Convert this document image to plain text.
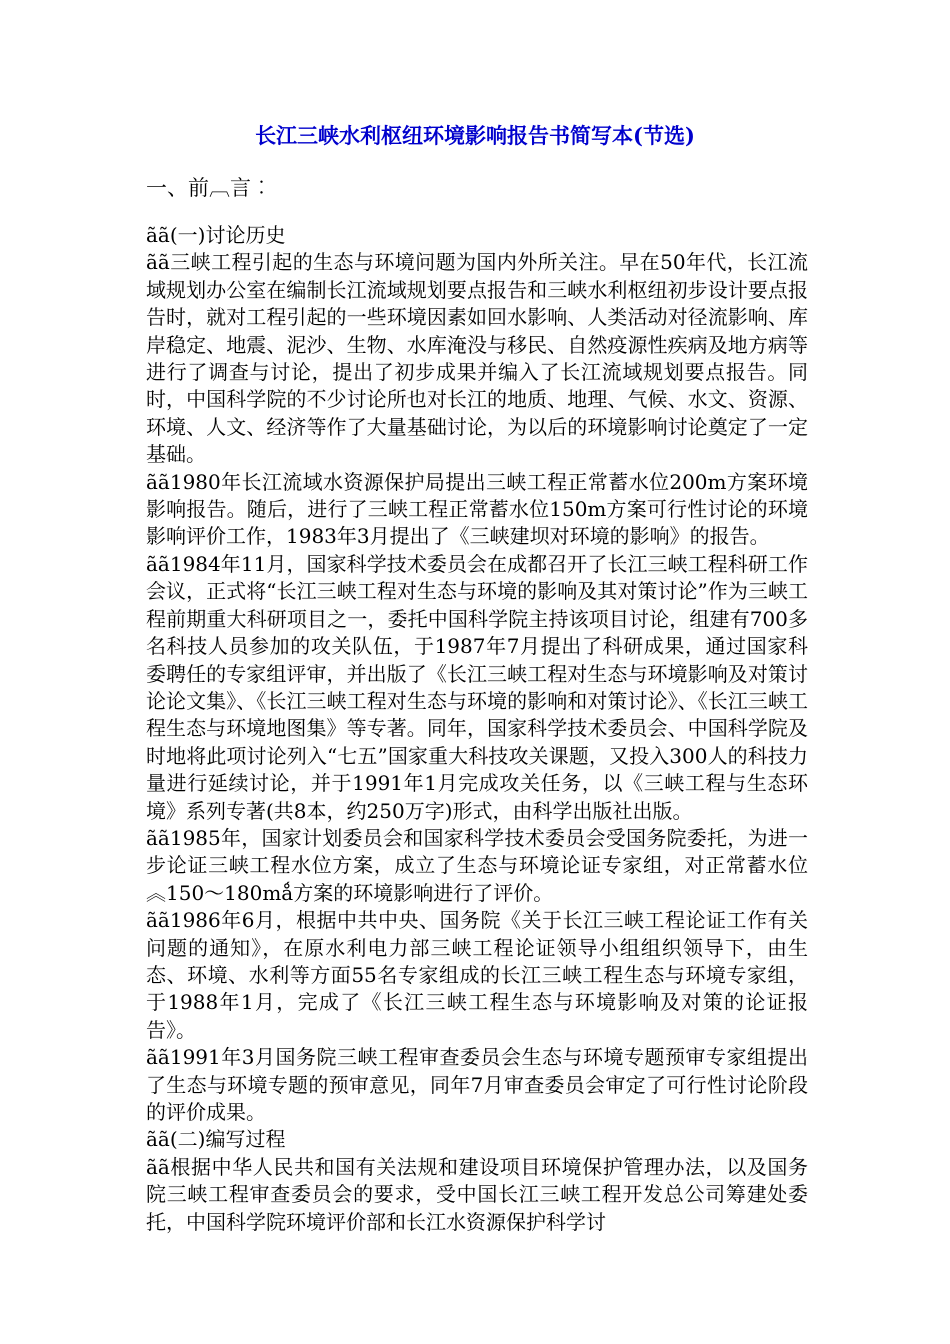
长江三峡水利枢纽环境影响报告书简写本(节选)
一、前︹言︰

ãã(一)讨论历史

ãã三峡工程引起的生态与环境问题为国内外所关注。早在50年代，长江流域规划办公室在编制长江流域规划要点报告和三峡水利枢纽初步设计要点报告时，就对工程引起的一些环境因素如回水影响、人类活动对径流影响、库岸稳定、地震、泥沙、生物、水库淹没与移民、自然疫源性疾病及地方病等进行了调查与讨论，提出了初步成果并编入了长江流域规划要点报告。同时，中国科学院的不少讨论所也对长江的地质、地理、气候、水文、资源、环境、人文、经济等作了大量基础讨论，为以后的环境影响讨论奠定了一定基础。

ãã1980年长江流域水资源保护局提出三峡工程正常蓄水位200m方案环境影响报告。随后，进行了三峡工程正常蓄水位150m方案可行性讨论的环境影响评价工作，1983年3月提出了《三峡建坝对环境的影响》的报告。

ãã1984年11月，国家科学技术委员会在成都召开了长江三峡工程科研工作会议，正式将“长江三峡工程对生态与环境的影响及其对策讨论”作为三峡工程前期重大科研项目之一，委托中国科学院主持该项目讨论，组建有700多名科技人员参加的攻关队伍，于1987年7月提出了科研成果，通过国家科委聘任的专家组评审，并出版了《长江三峡工程对生态与环境影响及对策讨论论文集》、《长江三峡工程对生态与环境的影响和对策讨论》、《长江三峡工程生态与环境地图集》等专著。同年，国家科学技术委员会、中国科学院及时地将此项讨论列入“七五”国家重大科技攻关课题，又投入300人的科技力量进行延续讨论，并于1991年1月完成攻关任务，以《三峡工程与生态环境》系列专著(共8本，约250万字)形式，由科学出版社出版。

ãã1985年，国家计划委员会和国家科学技术委员会受国务院委托，为进一步论证三峡工程水位方案，成立了生态与环境论证专家组，对正常蓄水位︽150～180mǻ方案的环境影响进行了评价。

ãã1986年6月，根据中共中央、国务院《关于长江三峡工程论证工作有关问题的通知》，在原水利电力部三峡工程论证领导小组组织领导下，由生态、环境、水利等方面55名专家组成的长江三峡工程生态与环境专家组，于1988年1月，完成了《长江三峡工程生态与环境影响及对策的论证报告》。

ãã1991年3月国务院三峡工程审查委员会生态与环境专题预审专家组提出了生态与环境专题的预审意见，同年7月审查委员会审定了可行性讨论阶段的评价成果。

ãã(二)编写过程

ãã根据中华人民共和国有关法规和建设项目环境保护管理办法，以及国务院三峡工程审查委员会的要求，受中国长江三峡工程开发总公司筹建处委托，中国科学院环境评价部和长江水资源保护科学讨
